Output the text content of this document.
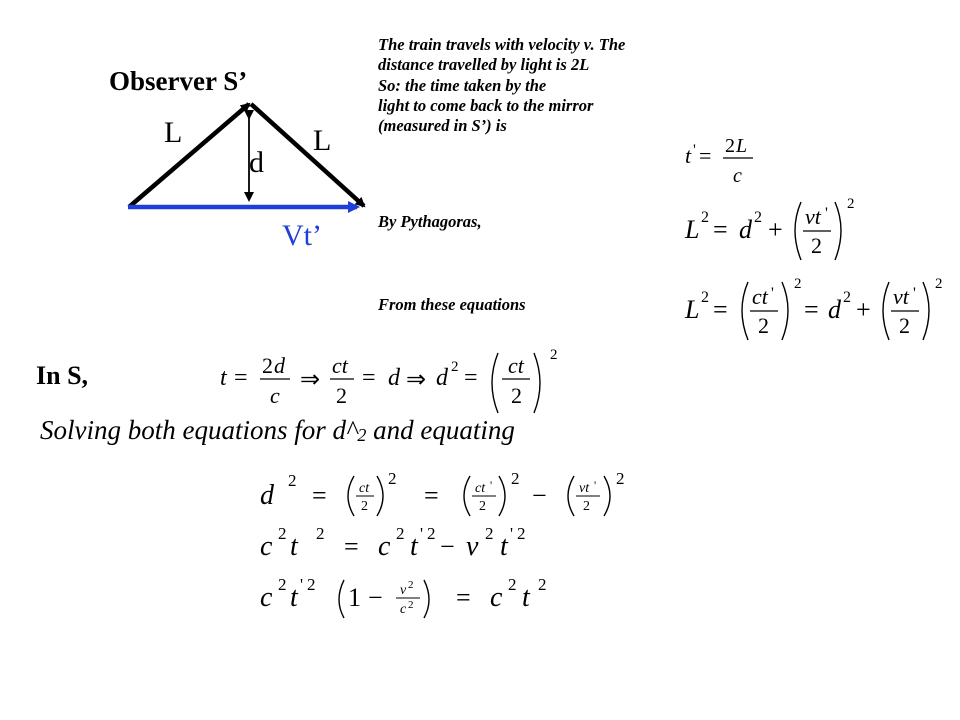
Observer S’
L	L
d
Vt’
The train travels with velocity v. The
distance travelled by light is 2L
So: the time taken by the
light to come back to the mirror
(measured in S’) is
By Pythagoras,
From these equations
t ' = 2 L
c
L 2 = d 2 + vt '
2
2
L 2 = ct '
2
2
= d 2 + vt '
2
2
In S,	t = 2 d
c
⇒
ct
2
= d ⇒ d 2 = ct
2
2
Solving both equations for $d\^{}_2$ and equating
d 2
= ct
2
2
=	ct '
2
2
− vt '
2
2
c 2 t 2 = c 2 t ' 2 − v 2 t ' 2
c 2 t ' 2 1 − v 2
c 2 = c 2 t 2
